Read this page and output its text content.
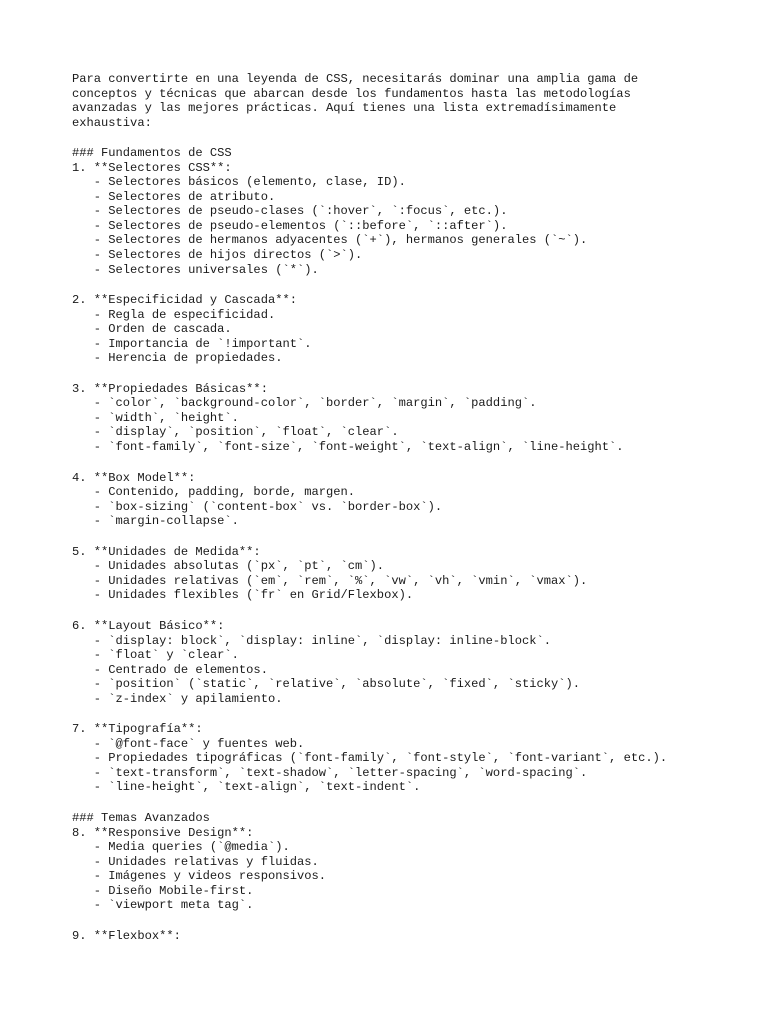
Para convertirte en una leyenda de CSS, necesitarás dominar una amplia gama de
conceptos y técnicas que abarcan desde los fundamentos hasta las metodologías
avanzadas y las mejores prácticas. Aquí tienes una lista extremadísimamente
exhaustiva:
### Fundamentos de CSS
1. **Selectores CSS**:
- Selectores básicos (elemento, clase, ID).
- Selectores de atributo.
- Selectores de pseudo-clases (`:hover`, `:focus`, etc.).
- Selectores de pseudo-elementos (`::before`, `::after`).
- Selectores de hermanos adyacentes (`+`), hermanos generales (`~`).
- Selectores de hijos directos (`>`).
- Selectores universales (`*`).
2. **Especificidad y Cascada**:
- Regla de especificidad.
- Orden de cascada.
- Importancia de `!important`.
- Herencia de propiedades.
3. **Propiedades Básicas**:
- `color`, `background-color`, `border`, `margin`, `padding`.
- `width`, `height`.
- `display`, `position`, `float`, `clear`.
- `font-family`, `font-size`, `font-weight`, `text-align`, `line-height`.
4. **Box Model**:
- Contenido, padding, borde, margen.
- `box-sizing` (`content-box` vs. `border-box`).
- `margin-collapse`.
5. **Unidades de Medida**:
- Unidades absolutas (`px`, `pt`, `cm`).
- Unidades relativas (`em`, `rem`, `%`, `vw`, `vh`, `vmin`, `vmax`).
- Unidades flexibles (`fr` en Grid/Flexbox).
6. **Layout Básico**:
- `display: block`, `display: inline`, `display: inline-block`.
- `float` y `clear`.
- Centrado de elementos.
- `position` (`static`, `relative`, `absolute`, `fixed`, `sticky`).
- `z-index` y apilamiento.
7. **Tipografía**:
- `@font-face` y fuentes web.
- Propiedades tipográficas (`font-family`, `font-style`, `font-variant`, etc.).
- `text-transform`, `text-shadow`, `letter-spacing`, `word-spacing`.
- `line-height`, `text-align`, `text-indent`.
### Temas Avanzados
8. **Responsive Design**:
- Media queries (`@media`).
- Unidades relativas y fluidas.
- Imágenes y videos responsivos.
- Diseño Mobile-first.
- `viewport meta tag`.
9. **Flexbox**:
